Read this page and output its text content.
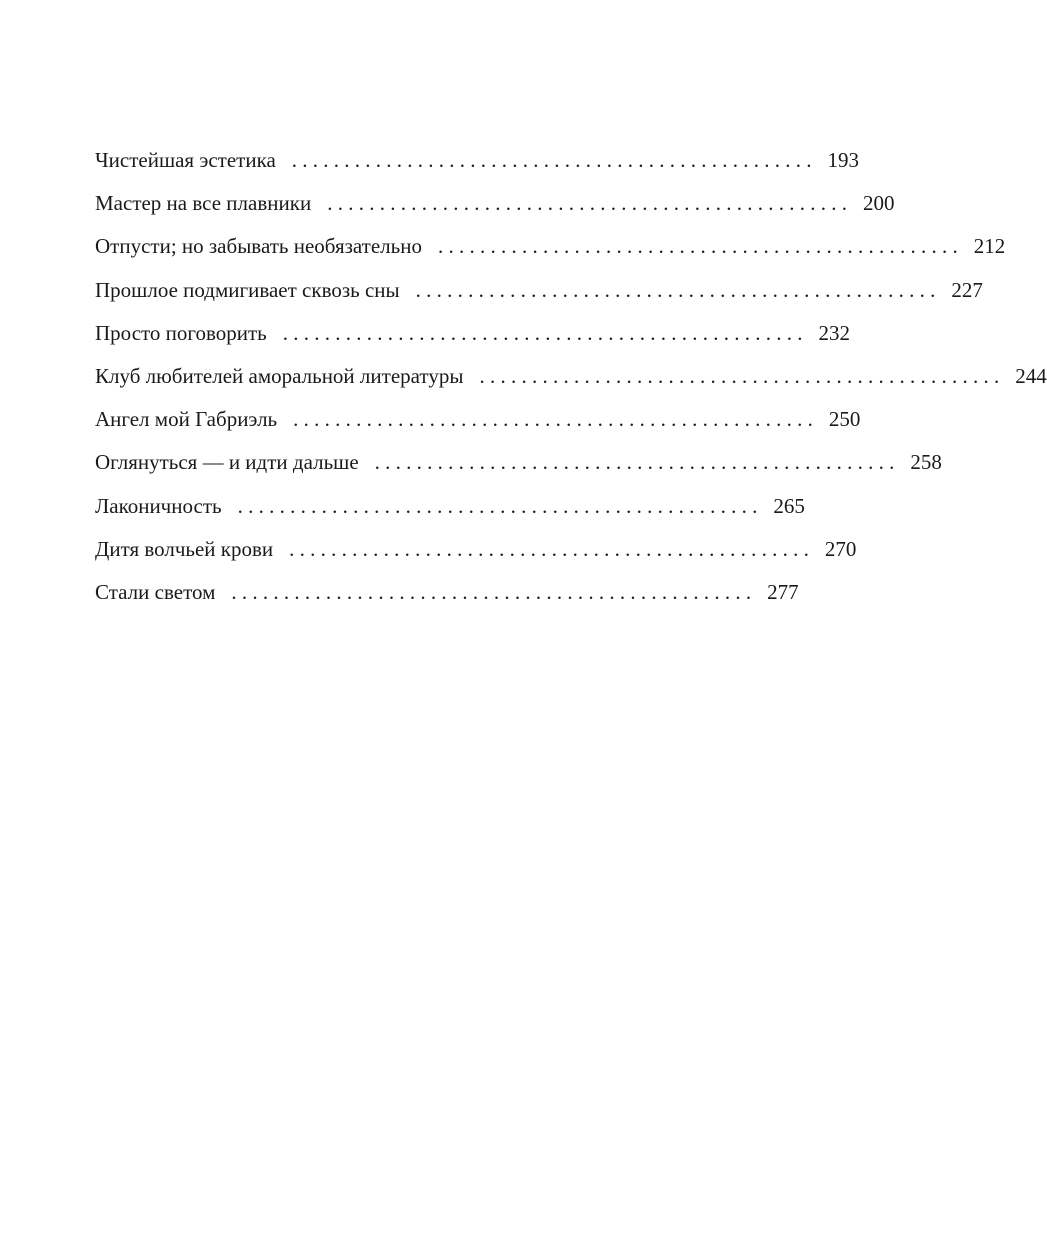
Чистейшая эстетика . . . . . . . . . . . . . . . . . . . . . . . . . . . . . . . . . . . . . . . . . . . . . . . . . . 193
Мастер на все плавники . . . . . . . . . . . . . . . . . . . . . . . . . . . . . . . . . . . . . . . . . . . . . . . . . . 200
Отпусти; но забывать необязательно . . . . . . . . . . . . . . . . . . . . . . . . . . . . . . . . . . . . . . . . . . . . . . . . . . 212
Прошлое подмигивает сквозь сны . . . . . . . . . . . . . . . . . . . . . . . . . . . . . . . . . . . . . . . . . . . . . . . . . . 227
Просто поговорить . . . . . . . . . . . . . . . . . . . . . . . . . . . . . . . . . . . . . . . . . . . . . . . . . . 232
Клуб любителей аморальной литературы . . . . . . . . . . . . . . . . . . . . . . . . . . . . . . . . . . . . . . . . . . . . . . . . . . 244
Ангел мой Габриэль . . . . . . . . . . . . . . . . . . . . . . . . . . . . . . . . . . . . . . . . . . . . . . . . . . 250
Оглянуться — и идти дальше . . . . . . . . . . . . . . . . . . . . . . . . . . . . . . . . . . . . . . . . . . . . . . . . . . 258
Лаконичность . . . . . . . . . . . . . . . . . . . . . . . . . . . . . . . . . . . . . . . . . . . . . . . . . . 265
Дитя волчьей крови . . . . . . . . . . . . . . . . . . . . . . . . . . . . . . . . . . . . . . . . . . . . . . . . . . 270
Стали светом . . . . . . . . . . . . . . . . . . . . . . . . . . . . . . . . . . . . . . . . . . . . . . . . . . 277
